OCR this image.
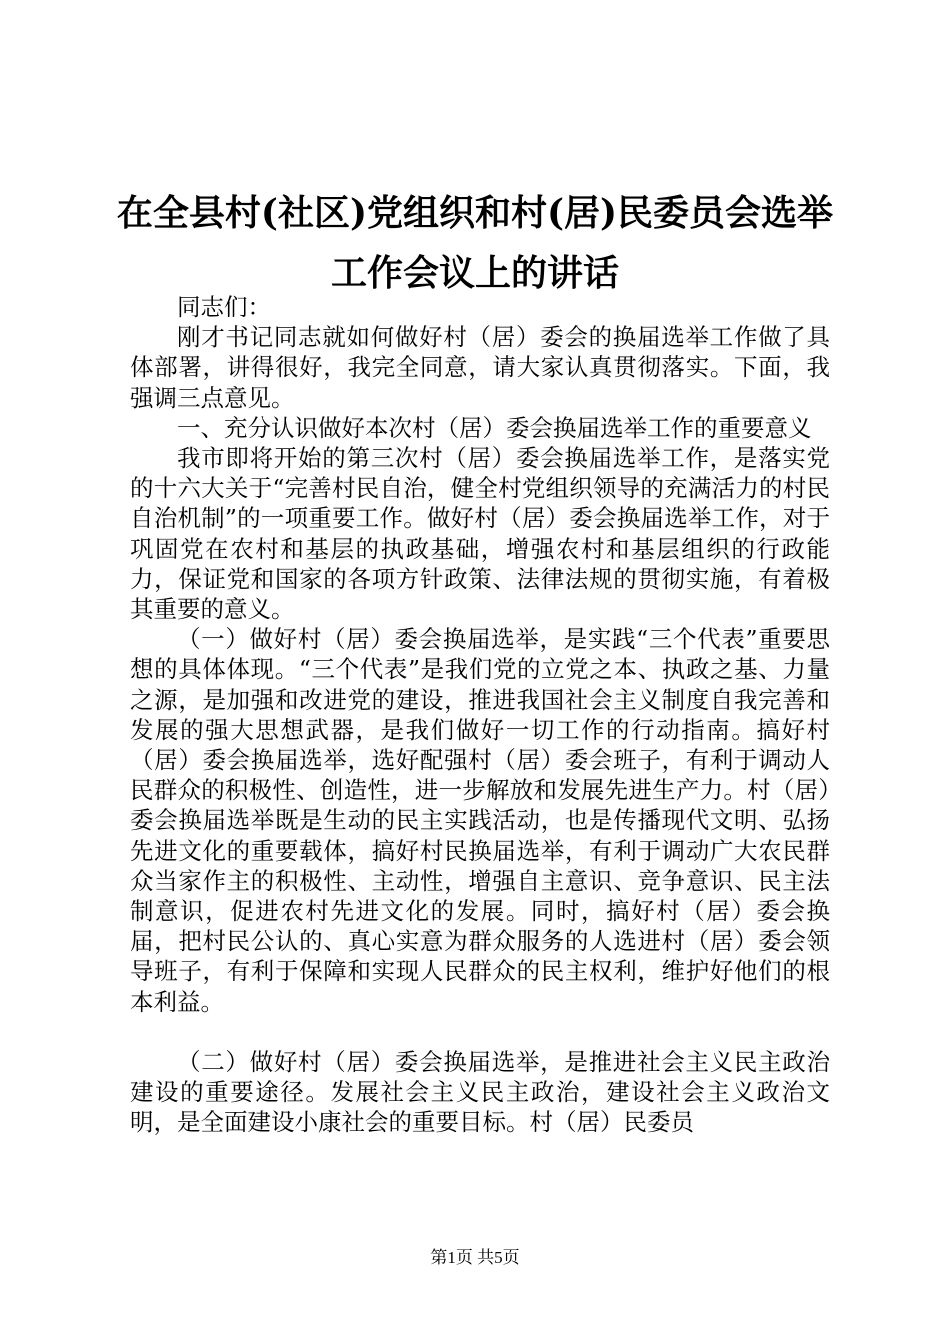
在全县村(社区)党组织和村(居)民委员会选举
工作会议上的讲话

同志们：

刚才书记同志就如何做好村（居）委会的换届选举工作做了具体部署，讲得很好，我完全同意，请大家认真贯彻落实。下面，我强调三点意见。

一、充分认识做好本次村（居）委会换届选举工作的重要意义

我市即将开始的第三次村（居）委会换届选举工作，是落实党的十六大关于“完善村民自治，健全村党组织领导的充满活力的村民自治机制”的一项重要工作。做好村（居）委会换届选举工作，对于巩固党在农村和基层的执政基础，增强农村和基层组织的行政能力，保证党和国家的各项方针政策、法律法规的贯彻实施，有着极其重要的意义。

（一）做好村（居）委会换届选举，是实践“三个代表”重要思想的具体体现。“三个代表”是我们党的立党之本、执政之基、力量之源，是加强和改进党的建设，推进我国社会主义制度自我完善和发展的强大思想武器，是我们做好一切工作的行动指南。搞好村（居）委会换届选举，选好配强村（居）委会班子，有利于调动人民群众的积极性、创造性，进一步解放和发展先进生产力。村（居）委会换届选举既是生动的民主实践活动，也是传播现代文明、弘扬先进文化的重要载体，搞好村民换届选举，有利于调动广大农民群众当家作主的积极性、主动性，增强自主意识、竞争意识、民主法制意识，促进农村先进文化的发展。同时，搞好村（居）委会换届，把村民公认的、真心实意为群众服务的人选进村（居）委会领导班子，有利于保障和实现人民群众的民主权利，维护好他们的根本利益。

（二）做好村（居）委会换届选举，是推进社会主义民主政治建设的重要途径。发展社会主义民主政治，建设社会主义政治文明，是全面建设小康社会的重要目标。村（居）民委员

第1页 共5页
